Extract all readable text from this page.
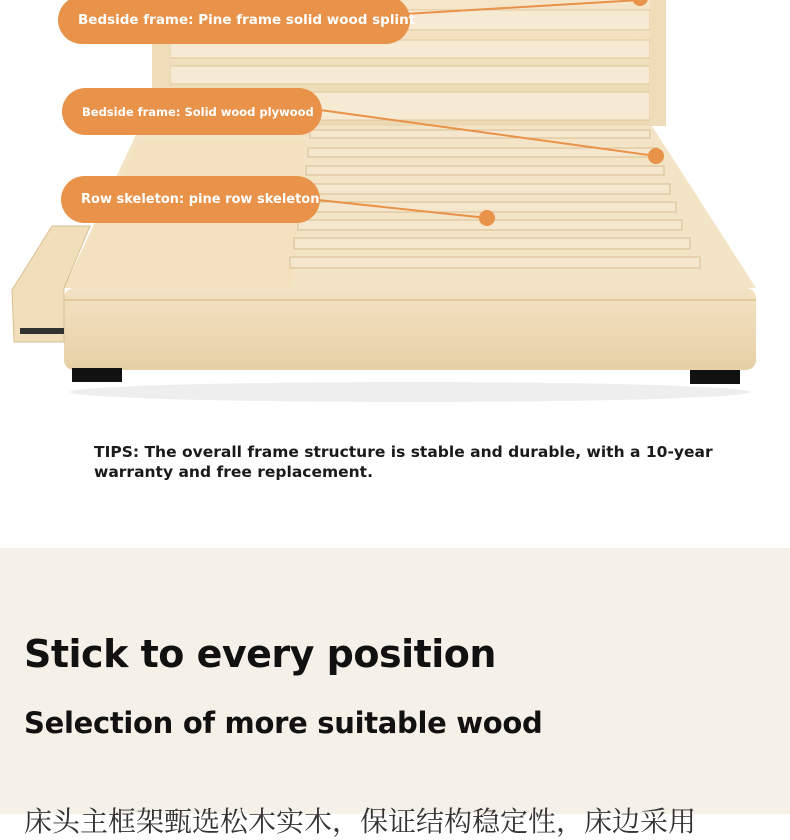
Bedside frame: Pine frame solid wood splint
Bedside frame: Solid wood plywood
Row skeleton: pine row skeleton
TIPS: The overall frame structure is stable and durable, with a 10-year warranty and free replacement.
Stick to every position
Selection of more suitable wood
床头主框架甄选松木实木，保证结构稳定性，床边采用
